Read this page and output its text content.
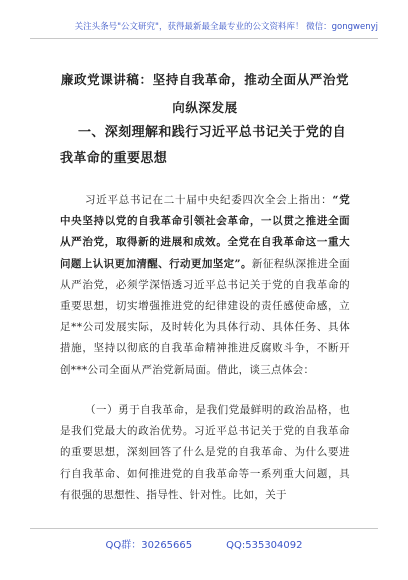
关注头条号"公文研究"，获得最新最全最专业的公文资料库！ 微信：gongwenyj
廉政党课讲稿：坚持自我革命，推动全面从严治党向纵深发展
一、深刻理解和践行习近平总书记关于党的自我革命的重要思想
习近平总书记在二十届中央纪委四次全会上指出：“党中央坚持以党的自我革命引领社会革命，一以贯之推进全面从严治党，取得新的进展和成效。全党在自我革命这一重大问题上认识更加清醒、行动更加坚定”。新征程纵深推进全面从严治党，必须学深悟透习近平总书记关于党的自我革命的重要思想，切实增强推进党的纪律建设的责任感使命感，立足**公司发展实际，及时转化为具体行动、具体任务、具体措施，坚持以彻底的自我革命精神推进反腐败斗争，不断开创***公司全面从严治党新局面。借此，谈三点体会：
（一）勇于自我革命，是我们党最鲜明的政治品格，也是我们党最大的政治优势。习近平总书记关于党的自我革命的重要思想，深刻回答了什么是党的自我革命、为什么要进行自我革命、如何推进党的自我革命等一系列重大问题，具有很强的思想性、指导性、针对性。比如，关于
QQ群：30265665	QQ:535304092
